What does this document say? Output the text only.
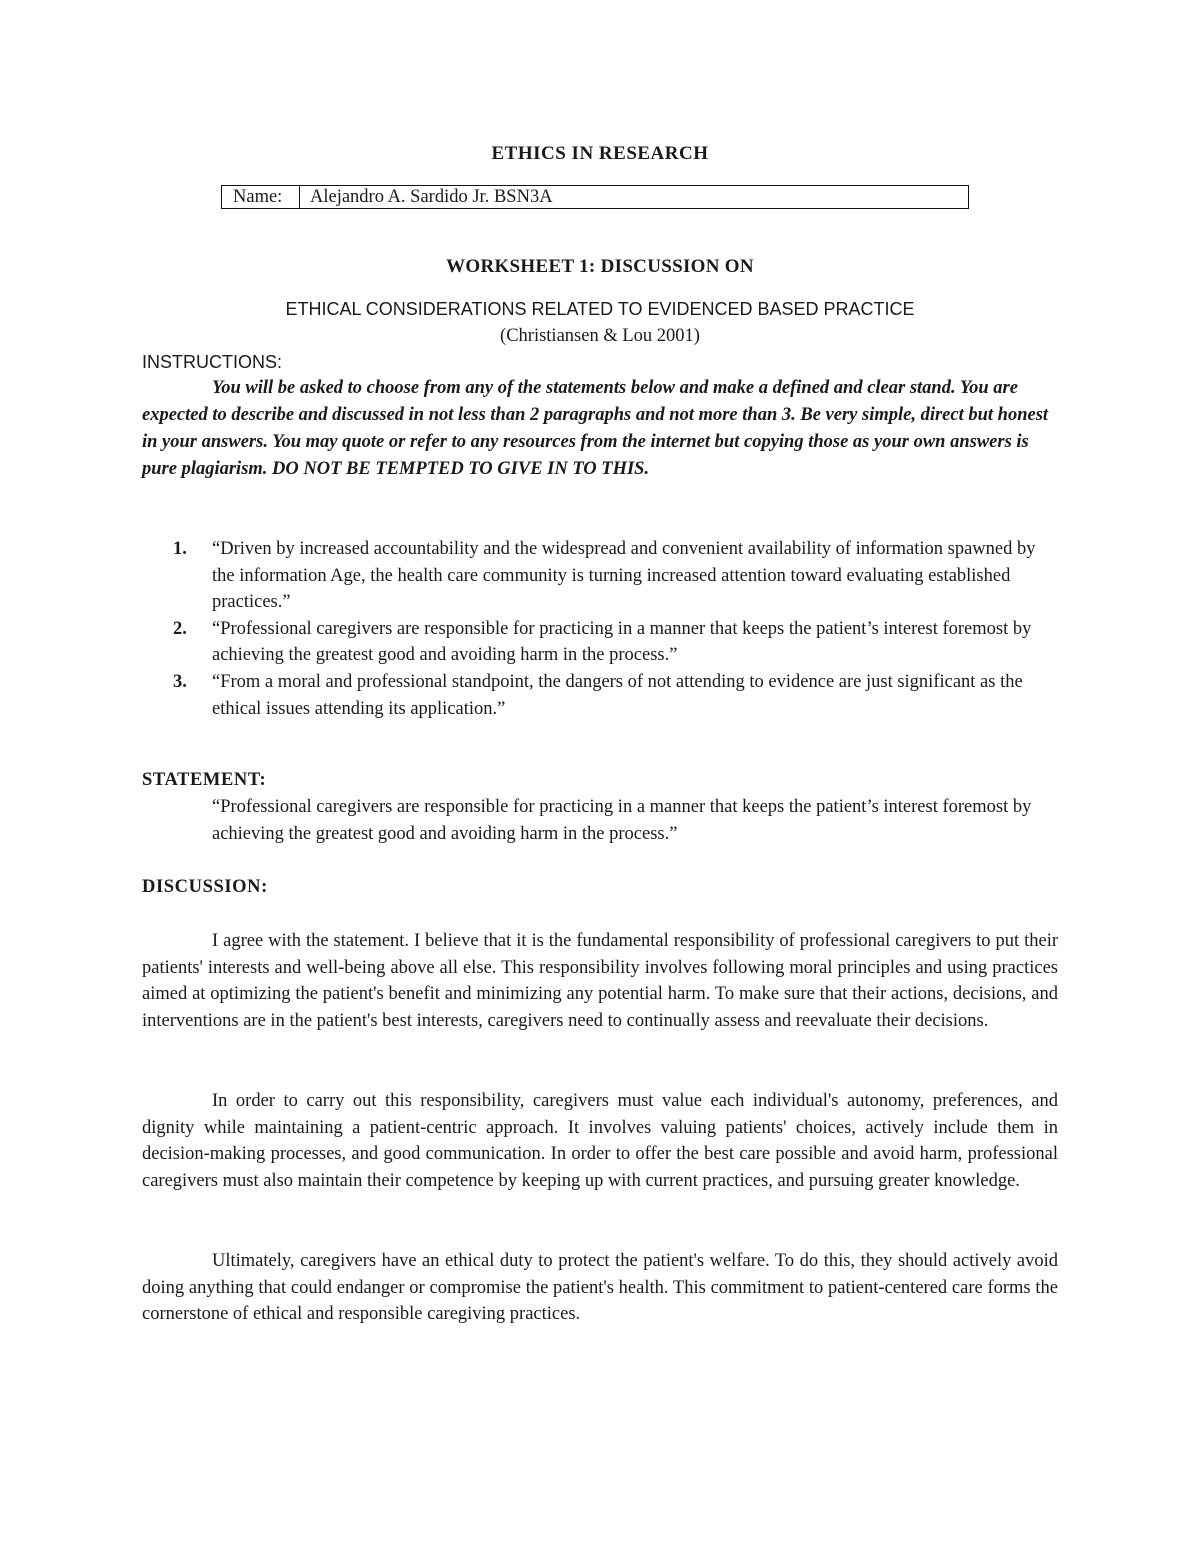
ETHICS IN RESEARCH
Name:	Alejandro A. Sardido Jr. BSN3A
WORKSHEET 1: DISCUSSION ON
ETHICAL CONSIDERATIONS RELATED TO EVIDENCED BASED PRACTICE
(Christiansen & Lou 2001)
INSTRUCTIONS:

You will be asked to choose from any of the statements below and make a defined and clear stand. You are expected to describe and discussed in not less than 2 paragraphs and not more than 3. Be very simple, direct but honest in your answers. You may quote or refer to any resources from the internet but copying those as your own answers is pure plagiarism. DO NOT BE TEMPTED TO GIVE IN TO THIS.

1. “Driven by increased accountability and the widespread and convenient availability of information spawned by the information Age, the health care community is turning increased attention toward evaluating established practices.”
2. “Professional caregivers are responsible for practicing in a manner that keeps the patient’s interest foremost by achieving the greatest good and avoiding harm in the process.”
3. “From a moral and professional standpoint, the dangers of not attending to evidence are just significant as the ethical issues attending its application.”
STATEMENT:

“Professional caregivers are responsible for practicing in a manner that keeps the patient’s interest foremost by achieving the greatest good and avoiding harm in the process.”

DISCUSSION:

I agree with the statement. I believe that it is the fundamental responsibility of professional caregivers to put their patients' interests and well-being above all else. This responsibility involves following moral principles and using practices aimed at optimizing the patient's benefit and minimizing any potential harm. To make sure that their actions, decisions, and interventions are in the patient's best interests, caregivers need to continually assess and reevaluate their decisions.

In order to carry out this responsibility, caregivers must value each individual's autonomy, preferences, and dignity while maintaining a patient-centric approach. It involves valuing patients' choices, actively include them in decision-making processes, and good communication. In order to offer the best care possible and avoid harm, professional caregivers must also maintain their competence by keeping up with current practices, and pursuing greater knowledge.

Ultimately, caregivers have an ethical duty to protect the patient's welfare. To do this, they should actively avoid doing anything that could endanger or compromise the patient's health. This commitment to patient-centered care forms the cornerstone of ethical and responsible caregiving practices.
